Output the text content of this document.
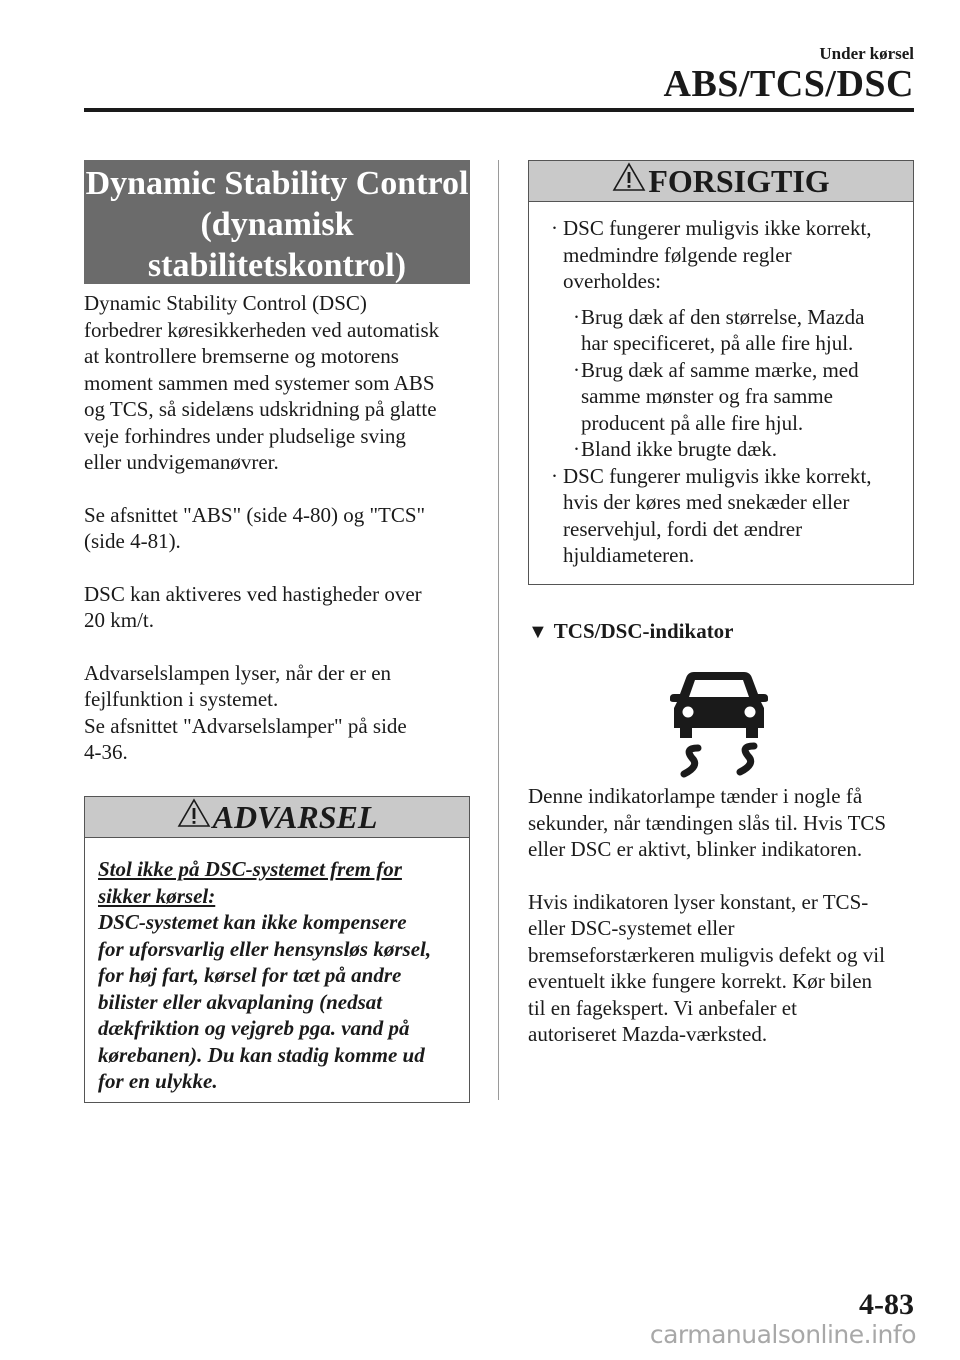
Under kørsel
ABS/TCS/DSC
Dynamic Stability Control
(dynamisk
stabilitetskontrol)

Dynamic Stability Control (DSC)
forbedrer køresikkerheden ved automatisk
at kontrollere bremserne og motorens
moment sammen med systemer som ABS
og TCS, så sidelæns udskridning på glatte
veje forhindres under pludselige sving
eller undvigemanøvrer.

Se afsnittet "ABS" (side 4-80) og "TCS"
(side 4-81).

DSC kan aktiveres ved hastigheder over
20 km/t.

Advarselslampen lyser, når der er en
fejlfunktion i systemet.
Se afsnittet "Advarselslamper" på side
4-36.

ADVARSEL
Stol ikke på DSC-systemet frem for
sikker kørsel:
DSC-systemet kan ikke kompensere
for uforsvarlig eller hensynsløs kørsel,
for høj fart, kørsel for tæt på andre
bilister eller akvaplaning (nedsat
dækfriktion og vejgreb pga. vand på
kørebanen). Du kan stadig komme ud
for en ulykke.
FORSIGTIG
· DSC fungerer muligvis ikke korrekt,
medmindre følgende regler
overholdes:
· Brug dæk af den størrelse, Mazda
har specificeret, på alle fire hjul.
· Brug dæk af samme mærke, med
samme mønster og fra samme
producent på alle fire hjul.
· Bland ikke brugte dæk.
· DSC fungerer muligvis ikke korrekt,
hvis der køres med snekæder eller
reservehjul, fordi det ændrer
hjuldiameteren.
▼ TCS/DSC-indikator

Denne indikatorlampe tænder i nogle få
sekunder, når tændingen slås til. Hvis TCS
eller DSC er aktivt, blinker indikatoren.

Hvis indikatoren lyser konstant, er TCS-
eller DSC-systemet eller
bremseforstærkeren muligvis defekt og vil
eventuelt ikke fungere korrekt. Kør bilen
til en fagekspert. Vi anbefaler et
autoriseret Mazda-værksted.

4-83
carmanualsonline.info
